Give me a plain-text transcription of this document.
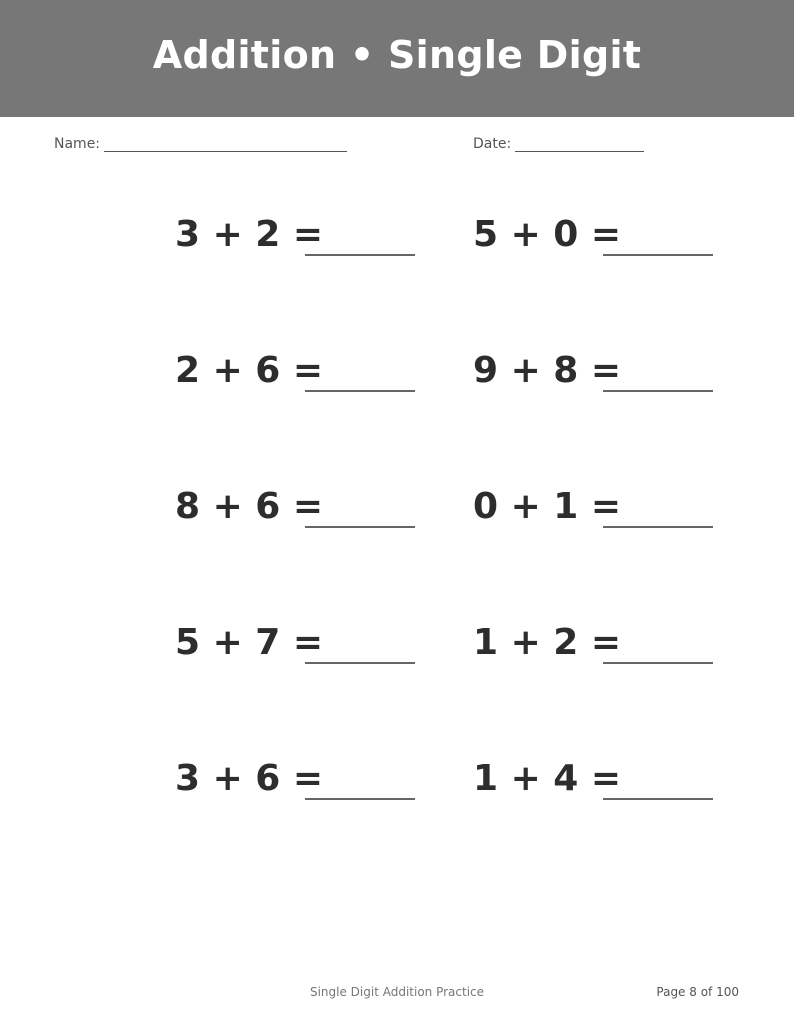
Addition • Single Digit
Name:	Date:
3 + 2 =	5 + 0 =
2 + 6 =	9 + 8 =
8 + 6 =	0 + 1 =
5 + 7 =	1 + 2 =
3 + 6 =	1 + 4 =
Single Digit Addition Practice	Page 8 of 100
